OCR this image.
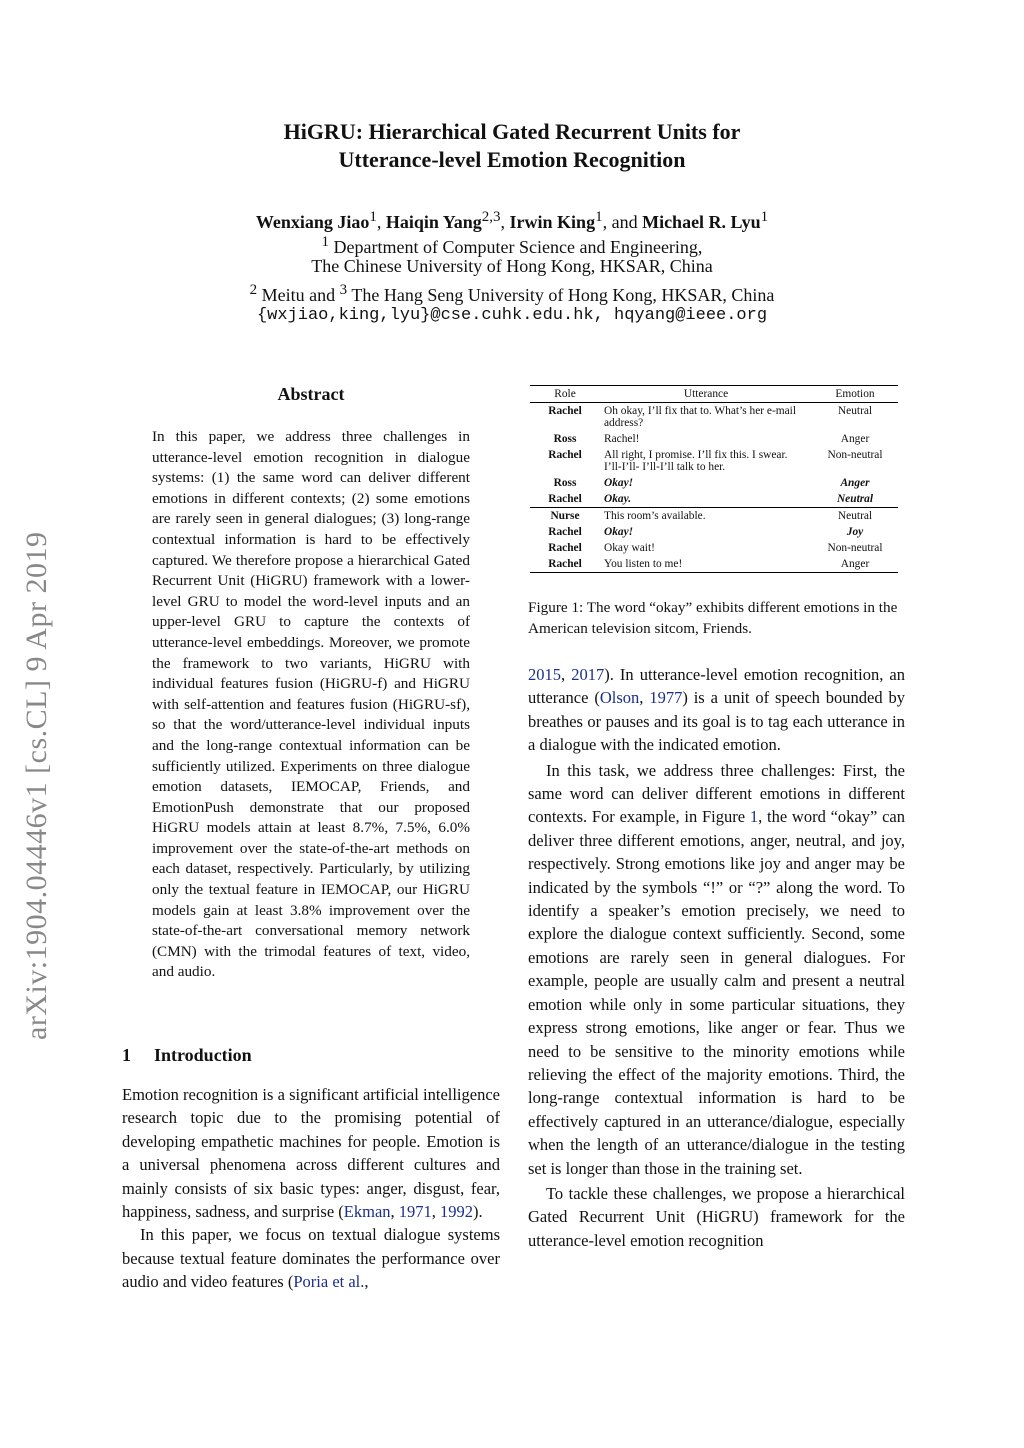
arXiv:1904.04446v1 [cs.CL] 9 Apr 2019
HiGRU: Hierarchical Gated Recurrent Units for
Utterance-level Emotion Recognition
Wenxiang Jiao$^1$, Haiqin Yang$^{2,3}$, Irwin King$^1$, and Michael R. Lyu$^1$
$^1$ Department of Computer Science and Engineering,
The Chinese University of Hong Kong, HKSAR, China
$^2$ Meitu and $^3$ The Hang Seng University of Hong Kong, HKSAR, China
{wxjiao,king,lyu}@cse.cuhk.edu.hk, hqyang@ieee.org
Abstract
In this paper, we address three challenges in utterance-level emotion recognition in dialogue systems: (1) the same word can deliver different emotions in different contexts; (2) some emotions are rarely seen in general dialogues; (3) long-range contextual information is hard to be effectively captured. We therefore propose a hierarchical Gated Recurrent Unit (HiGRU) framework with a lower-level GRU to model the word-level inputs and an upper-level GRU to capture the contexts of utterance-level embeddings. Moreover, we promote the framework to two variants, HiGRU with individual features fusion (HiGRU-f) and HiGRU with self-attention and features fusion (HiGRU-sf), so that the word/utterance-level individual inputs and the long-range contextual information can be sufficiently utilized. Experiments on three dialogue emotion datasets, IEMOCAP, Friends, and EmotionPush demonstrate that our proposed HiGRU models attain at least 8.7%, 7.5%, 6.0% improvement over the state-of-the-art methods on each dataset, respectively. Particularly, by utilizing only the textual feature in IEMOCAP, our HiGRU models gain at least 3.8% improvement over the state-of-the-art conversational memory network (CMN) with the trimodal features of text, video, and audio.
1 Introduction

Emotion recognition is a significant artificial intelligence research topic due to the promising potential of developing empathetic machines for people. Emotion is a universal phenomena across different cultures and mainly consists of six basic types: anger, disgust, fear, happiness, sadness, and surprise (Ekman, 1971, 1992).

In this paper, we focus on textual dialogue systems because textual feature dominates the performance over audio and video features (Poria et al.,

Role	Utterance	Emotion
Rachel	Oh okay, I’ll fix that to. What’s her e-mail address?	Neutral
Ross	Rachel!	Anger
Rachel	All right, I promise. I’ll fix this. I swear. I’ll-I’ll- I’ll-I’ll talk to her.	Non-neutral
Ross	Okay!	Anger
Rachel	Okay.	Neutral
Nurse	This room’s available.	Neutral
Rachel	Okay!	Joy
Rachel	Okay wait!	Non-neutral
Rachel	You listen to me!	Anger
Figure 1: The word “okay” exhibits different emotions in the American television sitcom, Friends.

2015, 2017). In utterance-level emotion recognition, an utterance (Olson, 1977) is a unit of speech bounded by breathes or pauses and its goal is to tag each utterance in a dialogue with the indicated emotion.

In this task, we address three challenges: First, the same word can deliver different emotions in different contexts. For example, in Figure 1, the word “okay” can deliver three different emotions, anger, neutral, and joy, respectively. Strong emotions like joy and anger may be indicated by the symbols “!” or “?” along the word. To identify a speaker’s emotion precisely, we need to explore the dialogue context sufficiently. Second, some emotions are rarely seen in general dialogues. For example, people are usually calm and present a neutral emotion while only in some particular situations, they express strong emotions, like anger or fear. Thus we need to be sensitive to the minority emotions while relieving the effect of the majority emotions. Third, the long-range contextual information is hard to be effectively captured in an utterance/dialogue, especially when the length of an utterance/dialogue in the testing set is longer than those in the training set.

To tackle these challenges, we propose a hierarchical Gated Recurrent Unit (HiGRU) framework for the utterance-level emotion recognition
